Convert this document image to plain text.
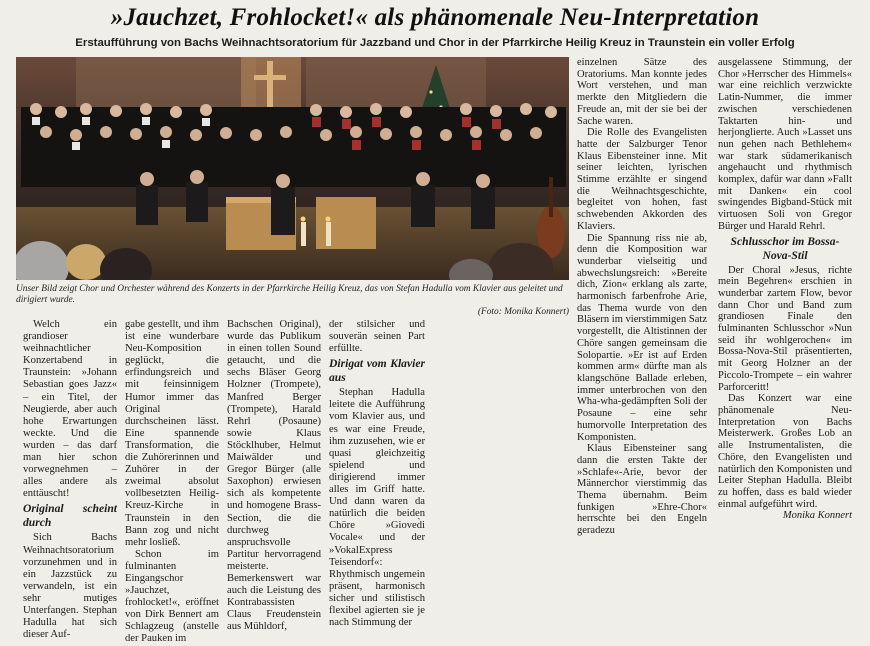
»Jauchzet, Frohlocket!« als phänomenale Neu-Interpretation
Erstaufführung von Bachs Weihnachtsoratorium für Jazzband und Chor in der Pfarrkirche Heilig Kreuz in Traunstein ein voller Erfolg
Unser Bild zeigt Chor und Orchester während des Konzerts in der Pfarrkirche Heilig Kreuz, das von Stefan Hadulla vom Klavier aus geleitet und dirigiert wurde.
(Foto: Monika Konnert)

Welch ein grandioser weihnachtlicher Konzertabend in Traunstein: »Johann Sebastian goes Jazz« – ein Titel, der Neugierde, aber auch hohe Erwartungen weckte. Und die wurden – das darf man hier schon vorwegnehmen – alles andere als enttäuscht!

Original scheint durch

Sich Bachs Weihnachtsoratorium vorzunehmen und in ein Jazzstück zu verwandeln, ist ein sehr mutiges Unterfangen. Stephan Hadulla hat sich dieser Auf-

gabe gestellt, und ihm ist eine wunderbare Neu-Komposition geglückt, die erfindungsreich und mit feinsinnigem Humor immer das Original durchscheinen lässt. Eine spannende Transformation, die die Zuhörerinnen und Zuhörer in der zweimal absolut vollbesetzten Heilig-Kreuz-Kirche in Traunstein in den Bann zog und nicht mehr losließ.

Schon im fulminanten Eingangschor »Jauchzet, frohlocket!«, eröffnet von Dirk Bennert am Schlagzeug (anstelle der Pauken im

Bachschen Original), wurde das Publikum in einen tollen Sound getaucht, und die sechs Bläser Georg Holzner (Trompete), Manfred Berger (Trompete), Harald Rehrl (Posaune) sowie Klaus Stöcklhuber, Helmut Maiwälder und Gregor Bürger (alle Saxophon) erwiesen sich als kompetente und homogene Brass-Section, die die durchweg anspruchsvolle Partitur hervorragend meisterte. Bemerkenswert war auch die Leistung des Kontrabassisten Claus Freudenstein aus Mühldorf,

der stilsicher und souverän seinen Part erfüllte.

Dirigat vom Klavier aus

Stephan Hadulla leitete die Aufführung vom Klavier aus, und es war eine Freude, ihm zuzusehen, wie er quasi gleichzeitig spielend und dirigierend immer alles im Griff hatte. Und dann waren da natürlich die beiden Chöre »Gioved̀i Vocale« und der »VokalExpress Teisendorf«: Rhythmisch ungemein präsent, harmonisch sicher und stilistisch flexibel agierten sie je nach Stimmung der

einzelnen Sätze des Oratoriums. Man konnte jedes Wort verstehen, und man merkte den Mitgliedern die Freude an, mit der sie bei der Sache waren.

Die Rolle des Evangelisten hatte der Salzburger Tenor Klaus Eibensteiner inne. Mit seiner leichten, lyrischen Stimme erzählte er singend die Weihnachtsgeschichte, begleitet von hohen, fast schwebenden Akkorden des Klaviers.

Die Spannung riss nie ab, denn die Komposition war wunderbar vielseitig und abwechslungsreich: »Bereite dich, Zion« erklang als zarte, harmonisch farbenfrohe Arie, das Thema wurde von den Bläsern im vierstimmigen Satz vorgestellt, die Altistinnen der Chöre sangen gemeinsam die Solopartie. »Er ist auf Erden kommen arm« dürfte man als klangschöne Ballade erleben, immer unterbrochen von den Wha-wha-gedämpften Soli der Posaune – eine sehr humorvolle Interpretation des Komponisten.

Klaus Eibensteiner sang dann die ersten Takte der »Schlafe«-Arie, bevor der Männerchor vierstimmig das Thema übernahm. Beim funkigen »Ehre-Chor« herrschte bei den Engeln geradezu

ausgelassene Stimmung, der Chor »Herrscher des Himmels« war eine reichlich verzwickte Latin-Nummer, die immer zwischen verschiedenen Taktarten hin- und herjonglierte. Auch »Lasset uns nun gehen nach Bethlehem« war stark südamerikanisch angehaucht und rhythmisch komplex, dafür war dann »Fallt mit Danken« ein cool swingendes Bigband-Stück mit virtuosen Soli von Gregor Bürger und Harald Rehrl.

Schlusschor im Bossa-Nova-Stil

Der Choral »Jesus, richte mein Begehren« erschien in wunderbar zartem Flow, bevor dann Chor und Band zum grandiosen Finale den fulminanten Schlusschor »Nun seid ihr wohlgerochen« im Bossa-Nova-Stil präsentierten, mit Georg Holzner an der Piccolo-Trompete – ein wahrer Parforceritt!

Das Konzert war eine phänomenale Neu-Interpretation von Bachs Meisterwerk. Großes Lob an alle Instrumentalisten, die Chöre, den Evangelisten und natürlich den Komponisten und Leiter Stephan Hadulla. Bleibt zu hoffen, dass es bald wieder einmal aufgeführt wird.

Monika Konnert
